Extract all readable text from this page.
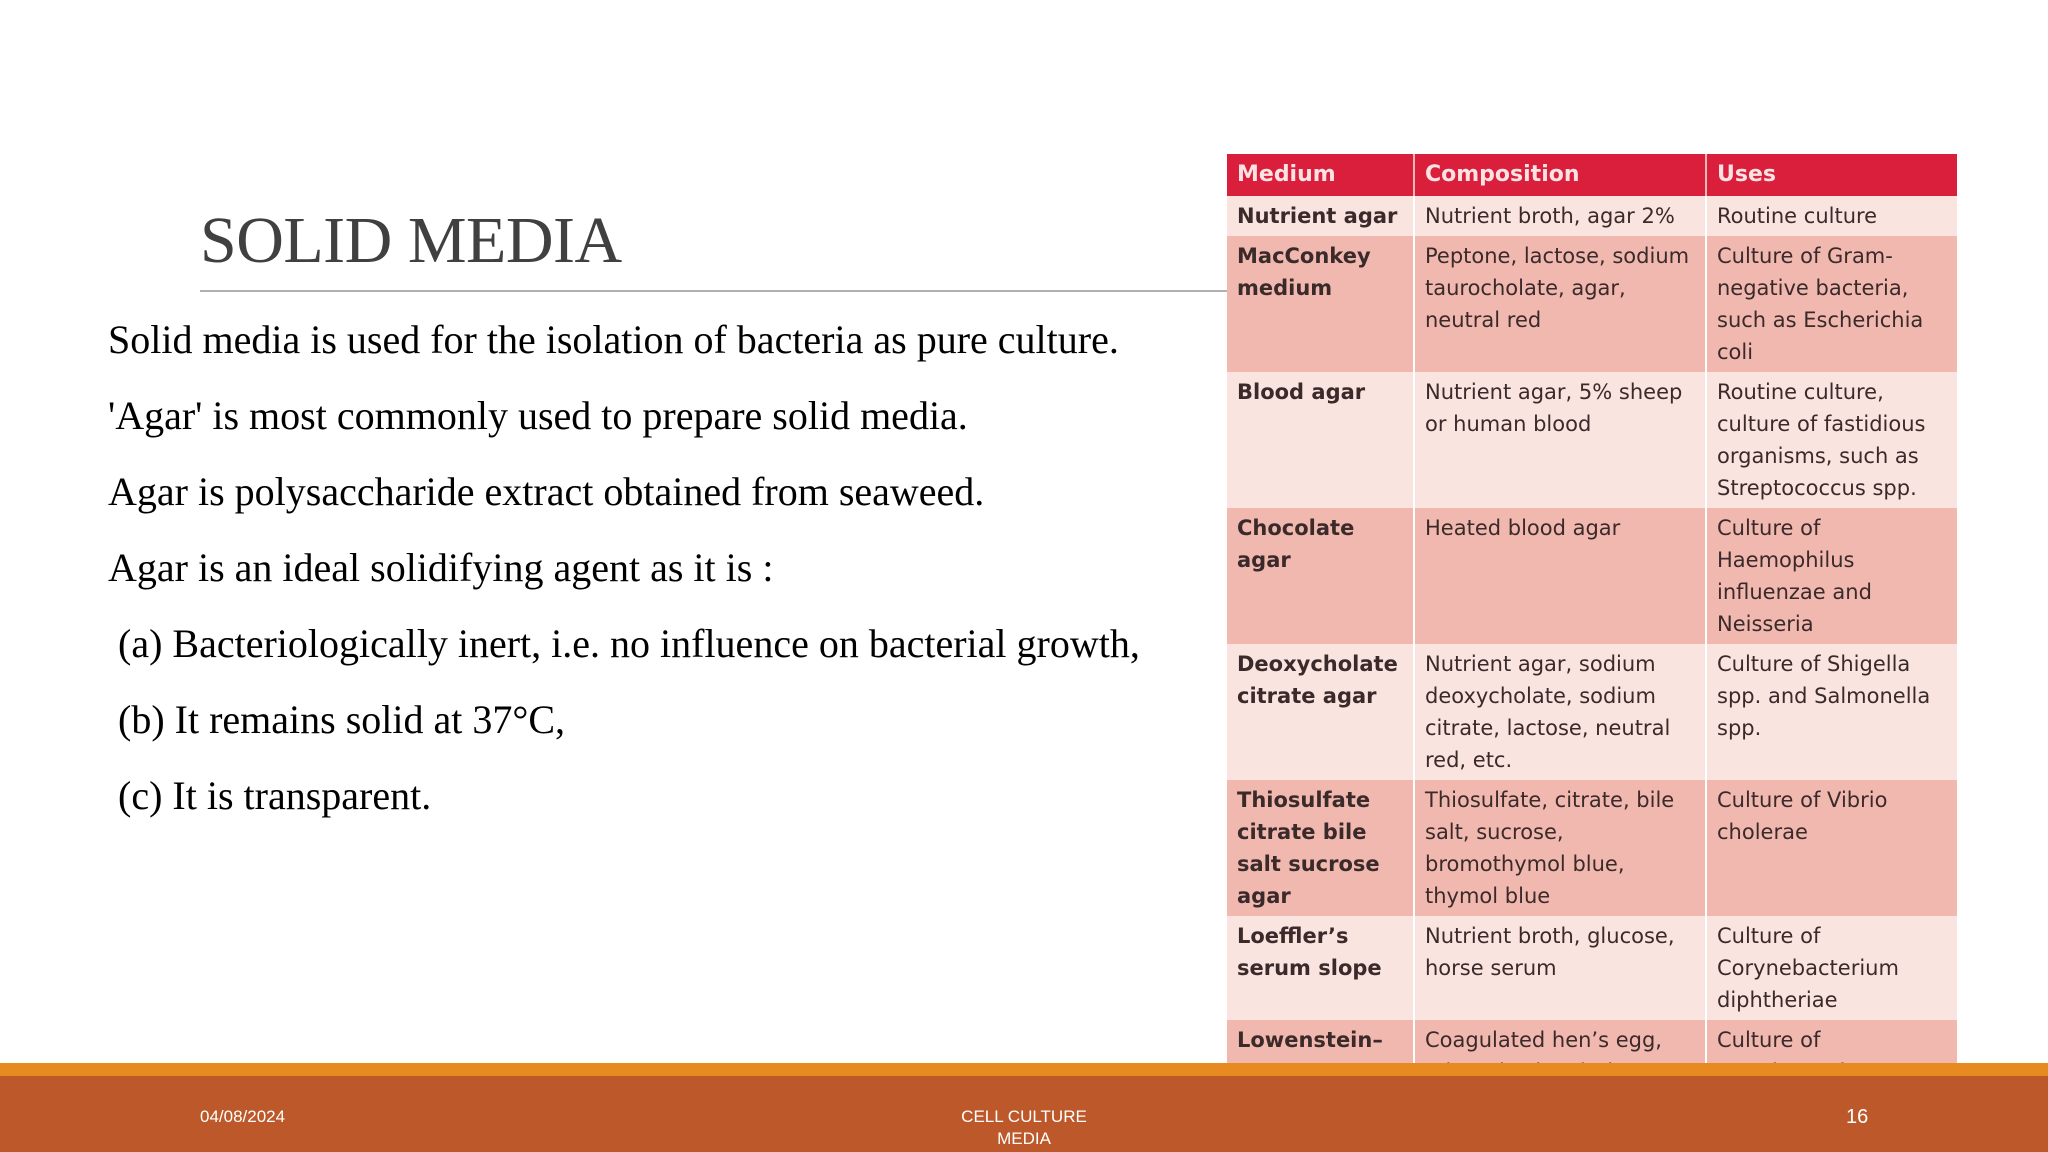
SOLID MEDIA
Solid media is used for the isolation of bacteria as pure culture.
'Agar' is most commonly used to prepare solid media.
Agar is polysaccharide extract obtained from seaweed.
Agar is an ideal solidifying agent as it is :
(a) Bacteriologically inert, i.e. no influence on bacterial growth,
(b) It remains solid at 37°C,
(c) It is transparent.
Medium	Composition	Uses
Nutrient agar	Nutrient broth, agar 2%	Routine culture
MacConkey medium	Peptone, lactose, sodium taurocholate, agar, neutral red	Culture of Gram-negative bacteria, such as Escherichia coli
Blood agar	Nutrient agar, 5% sheep or human blood	Routine culture, culture of fastidious organisms, such as Streptococcus spp.
Chocolate agar	Heated blood agar	Culture of Haemophilus influenzae and Neisseria
Deoxycholate citrate agar	Nutrient agar, sodium deoxycholate, sodium citrate, lactose, neutral red, etc.	Culture of Shigella spp. and Salmonella spp.
Thiosulfate citrate bile salt sucrose agar	Thiosulfate, citrate, bile salt, sucrose, bromothymol blue, thymol blue	Culture of Vibrio cholerae
Loeffler’s serum slope	Nutrient broth, glucose, horse serum	Culture of Corynebacterium diphtheriae
Lowenstein–	Coagulated hen’s egg,	Culture of
04/08/2024	CELL CULTURE MEDIA
16
